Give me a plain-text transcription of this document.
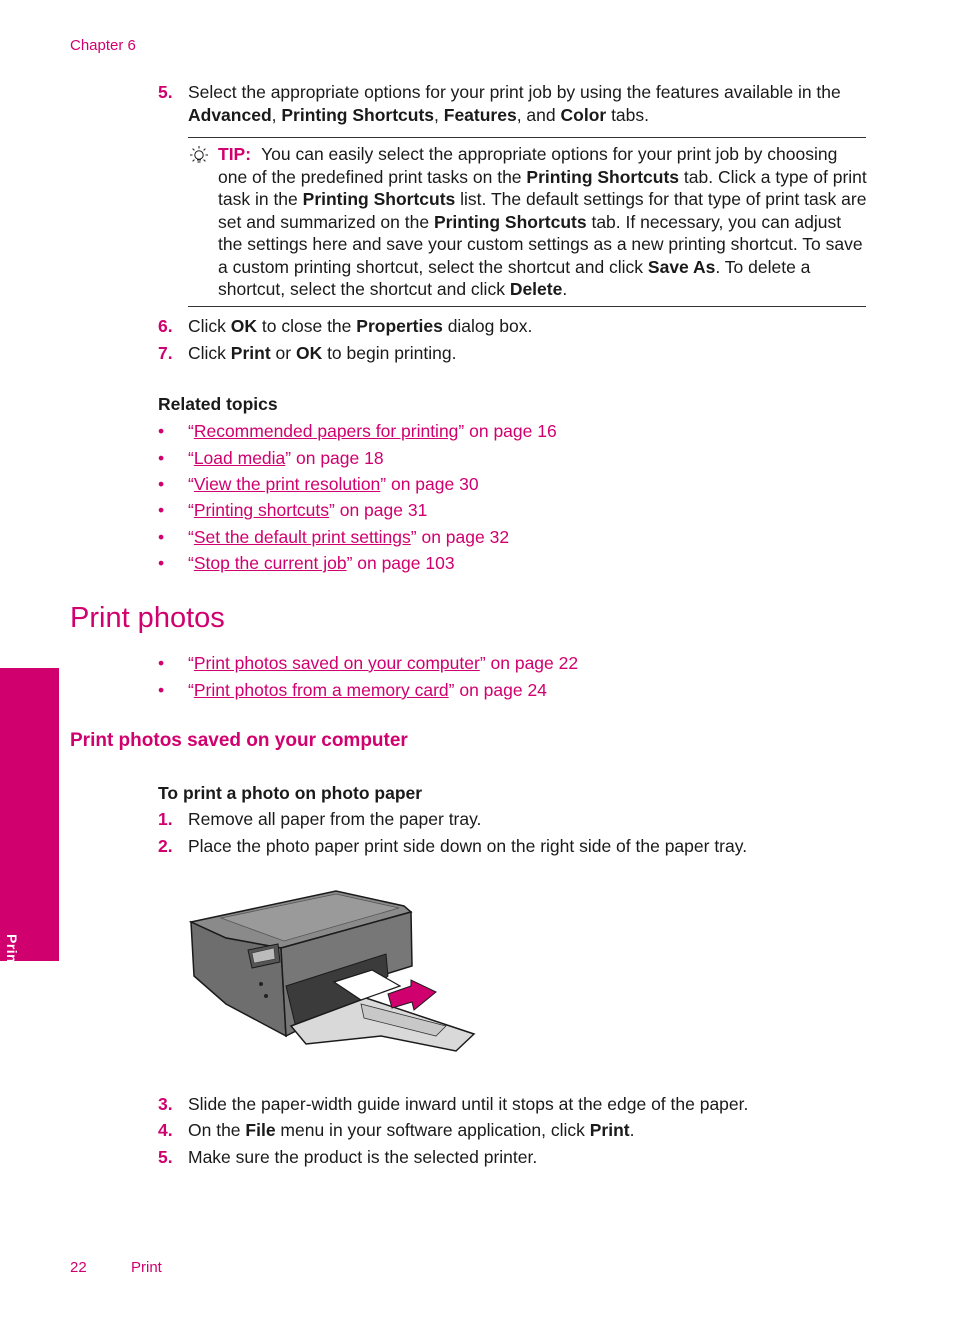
Chapter 6
5. Select the appropriate options for your print job by using the features available in the Advanced, Printing Shortcuts, Features, and Color tabs.
TIP: You can easily select the appropriate options for your print job by choosing one of the predefined print tasks on the Printing Shortcuts tab. Click a type of print task in the Printing Shortcuts list. The default settings for that type of print task are set and summarized on the Printing Shortcuts tab. If necessary, you can adjust the settings here and save your custom settings as a new printing shortcut. To save a custom printing shortcut, select the shortcut and click Save As. To delete a shortcut, select the shortcut and click Delete.
6. Click OK to close the Properties dialog box.
7. Click Print or OK to begin printing.
Related topics
• “Recommended papers for printing” on page 16
• “Load media” on page 18
• “View the print resolution” on page 30
• “Printing shortcuts” on page 31
• “Set the default print settings” on page 32
• “Stop the current job” on page 103
Print photos
• “Print photos saved on your computer” on page 22
• “Print photos from a memory card” on page 24
Print photos saved on your computer
To print a photo on photo paper
1. Remove all paper from the paper tray.
2. Place the photo paper print side down on the right side of the paper tray.
3. Slide the paper-width guide inward until it stops at the edge of the paper.
4. On the File menu in your software application, click Print.
5. Make sure the product is the selected printer.
Print
22	Print
